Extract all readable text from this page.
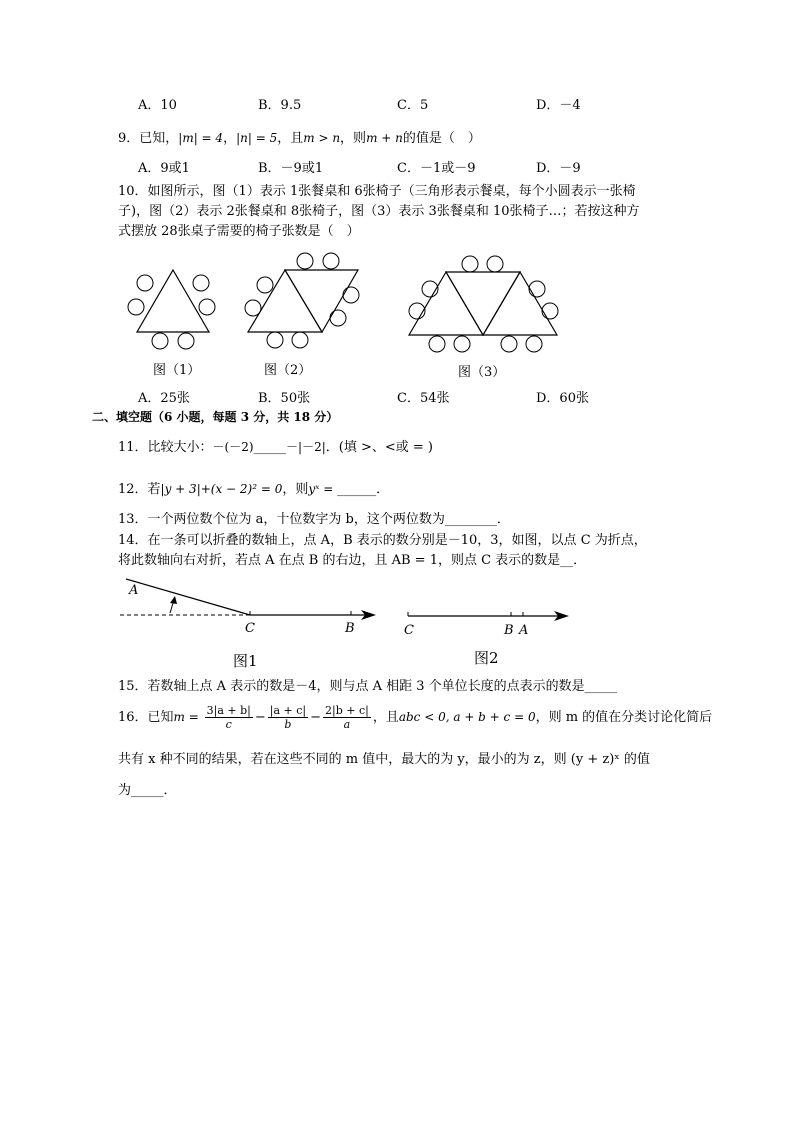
A．10	B．9.5	C．5	D．－4
9．已知，|m| = 4，|n| = 5，且m > n，则m + n的值是（　）
A．9或1	B．－9或1	C．－1或－9	D．－9
10．如图所示，图（1）表示 1张餐桌和 6张椅子（三角形表示餐桌，每个小圆表示一张椅
子)，图（2）表示 2张餐桌和 8张椅子，图（3）表示 3张餐桌和 10张椅子…；若按这种方
式摆放 28张桌子需要的椅子张数是（　）
图（1）	图（2）	图（3）
A．25张	B．50张	C．54张	D．60张
二、填空题（6 小题，每题 3 分，共 18 分）
11．比较大小：－(－2)_____－|－2|．(填 >、<或 = )
12．若|y + 3|+(x − 2)² = 0，则yˣ = ______．
13．一个两位数个位为 a，十位数字为 b，这个两位数为________．
14．在一条可以折叠的数轴上，点 A，B 表示的数分别是－10，3，如图，以点 C 为折点，
将此数轴向右对折，若点 A 在点 B 的右边，且 AB = 1，则点 C 表示的数是__．
A
C	B
图1
C	B A
图2
15．若数轴上点 A 表示的数是－4，则与点 A 相距 3 个单位长度的点表示的数是_____
16．已知$m = \frac{3|a + b|}{c} - \frac{|a + c|}{b} - \frac{2|b + c|}{a}$ ，且abc < 0, a + b + c = 0，则 m 的值在分类讨论化简后
共有 x 种不同的结果，若在这些不同的 m 值中，最大的为 y，最小的为 z，则 (y + z)ˣ 的值
为_____．
